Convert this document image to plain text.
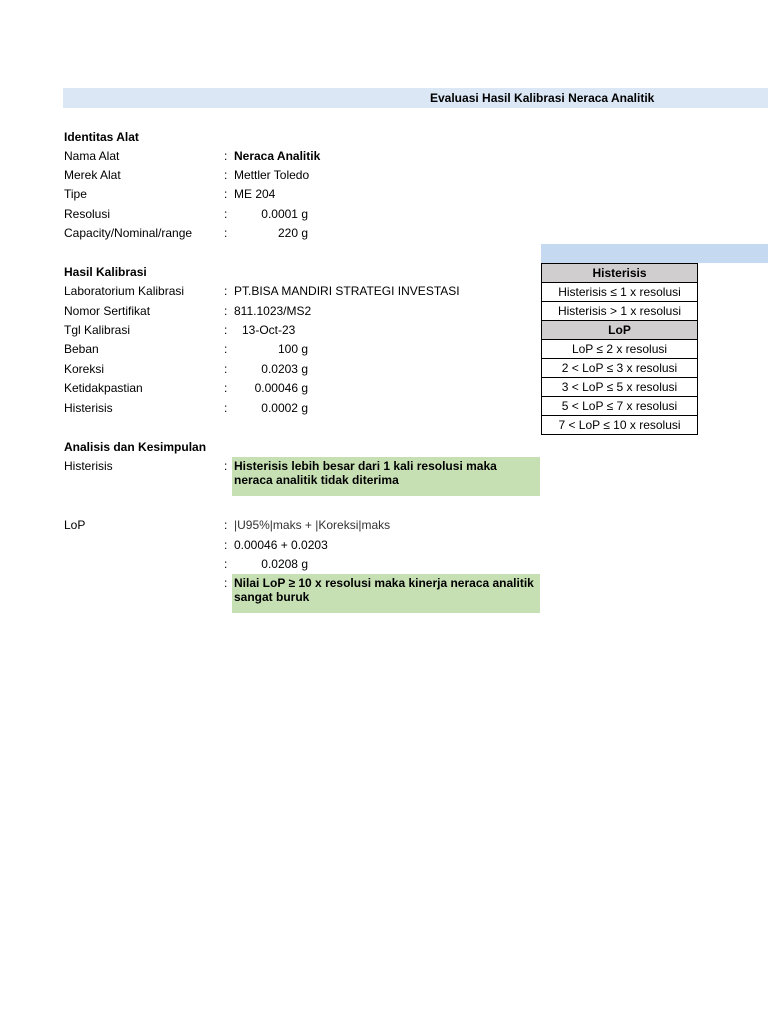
Evaluasi Hasil Kalibrasi Neraca Analitik
Identitas Alat
Nama Alat	: Neraca Analitik
Merek Alat	: Mettler Toledo
Tipe	: ME 204
Resolusi	:	0.0001 g
Capacity/Nominal/range	:	220 g
Hasil Kalibrasi
Laboratorium Kalibrasi	: PT.BISA MANDIRI STRATEGI INVESTASI
Nomor Sertifikat	: 811.1023/MS2
Tgl Kalibrasi	: 13-Oct-23
Beban	:	100 g
Koreksi	:	0.0203 g
Ketidakpastian	:	0.00046 g
Histerisis	:	0.0002 g
Analisis dan Kesimpulan
Histerisis	: Histerisis lebih besar dari 1 kali resolusi maka neraca analitik tidak diterima
LoP	: |U95%|maks + |Koreksi|maks
: 0.00046 + 0.0203
:	0.0208 g
: Nilai LoP ≥ 10 x resolusi maka kinerja neraca analitik sangat buruk
Histerisis
Histerisis ≤ 1 x resolusi
Histerisis > 1 x resolusi
LoP
LoP ≤ 2 x resolusi
2 < LoP ≤ 3 x resolusi
3 < LoP ≤ 5 x resolusi
5 < LoP ≤ 7 x resolusi
7 < LoP ≤ 10 x resolusi
